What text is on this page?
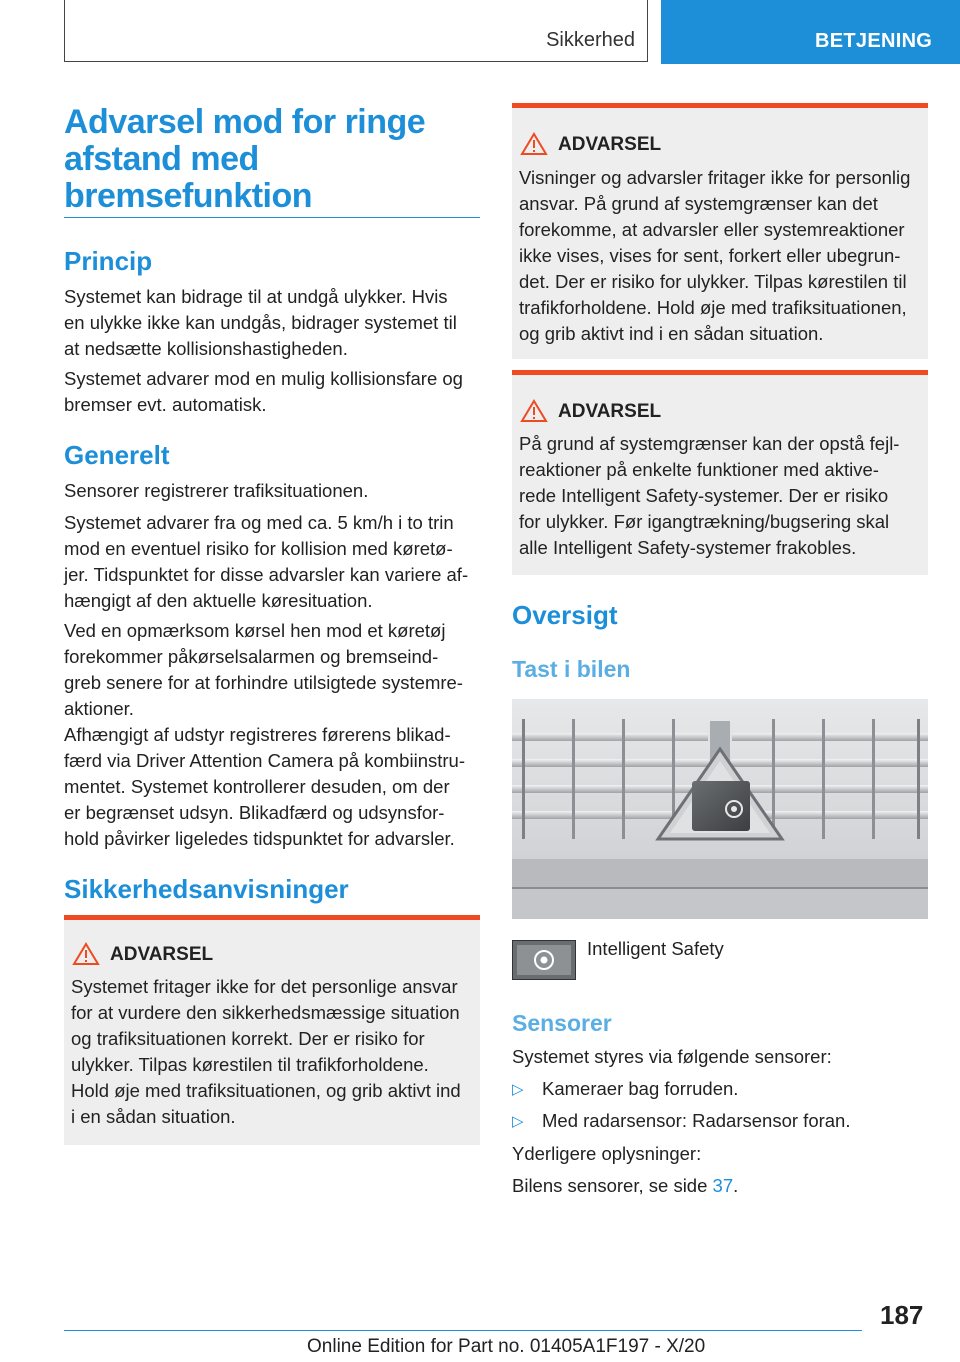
Sikkerhed	BETJENING
Advarsel mod for ringe
afstand med
bremsefunktion
Princip

Systemet kan bidrage til at undgå ulykker. Hvis
en ulykke ikke kan undgås, bidrager systemet til
at nedsætte kollisionshastigheden.

Systemet advarer mod en mulig kollisionsfare og
bremser evt. automatisk.

Generelt

Sensorer registrerer trafiksituationen.

Systemet advarer fra og med ca. 5 km/h i to trin
mod en eventuel risiko for kollision med køretø‐
jer. Tidspunktet for disse advarsler kan variere af‐
hængigt af den aktuelle køresituation.

Ved en opmærksom kørsel hen mod et køretøj
forekommer påkørselsalarmen og bremseind‐
greb senere for at forhindre utilsigtede systemre‐
aktioner.

Afhængigt af udstyr registreres førerens blikad‐
færd via Driver Attention Camera på kombiinstru‐
mentet. Systemet kontrollerer desuden, om der
er begrænset udsyn. Blikadfærd og udsynsfor‐
hold påvirker ligeledes tidspunktet for advarsler.

Sikkerhedsanvisninger
ADVARSEL

Systemet fritager ikke for det personlige ansvar
for at vurdere den sikkerhedsmæssige situation
og trafiksituationen korrekt. Der er risiko for
ulykker. Tilpas kørestilen til trafikforholdene.
Hold øje med trafiksituationen, og grib aktivt ind
i en sådan situation.

ADVARSEL

Visninger og advarsler fritager ikke for personlig
ansvar. På grund af systemgrænser kan det
forekomme, at advarsler eller systemreaktioner
ikke vises, vises for sent, forkert eller ubegrun‐
det. Der er risiko for ulykker. Tilpas kørestilen til
trafikforholdene. Hold øje med trafiksituationen,
og grib aktivt ind i en sådan situation.

ADVARSEL

På grund af systemgrænser kan der opstå fejl‐
reaktioner på enkelte funktioner med aktive‐
rede Intelligent Safety-systemer. Der er risiko
for ulykker. Før igangtrækning/bugsering skal
alle Intelligent Safety-systemer frakobles.

Oversigt
Tast i bilen
Intelligent Safety
Sensorer

Systemet styres via følgende sensorer:

▷ Kameraer bag forruden.
▷ Med radarsensor: Radarsensor foran.

Yderligere oplysninger:

Bilens sensorer, se side 37.

187
Online Edition for Part no. 01405A1F197 - X/20
